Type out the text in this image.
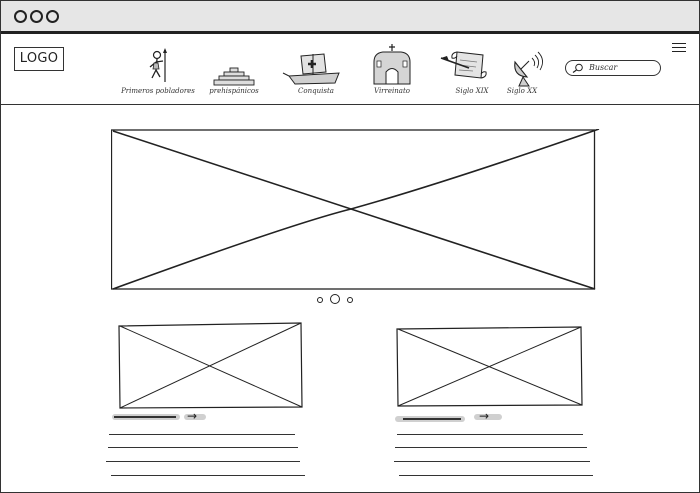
LOGO
Primeros pobladores	prehispánicos	Conquista	Virreinato	Siglo XIX	Siglo XX
Buscar
→	→
